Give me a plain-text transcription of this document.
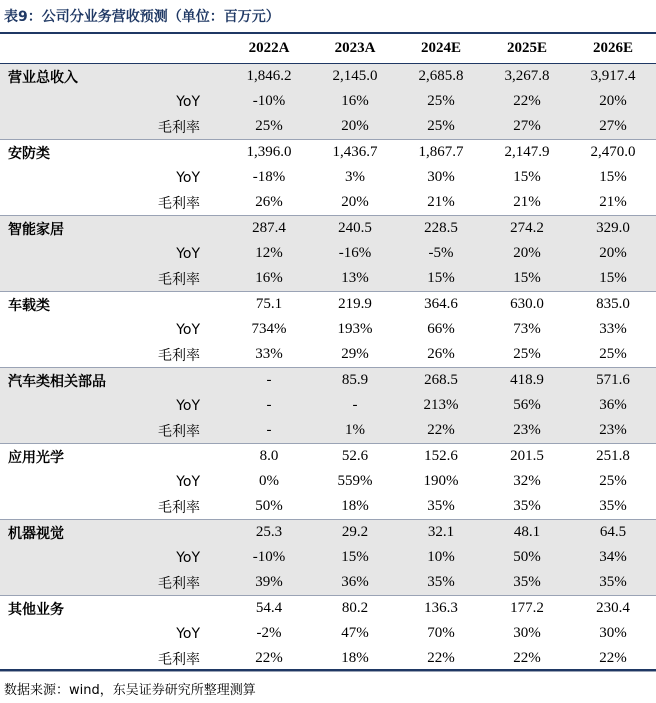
表9：公司分业务营收预测（单位：百万元）
	2022A	2023A	2024E	2025E	2026E
营业总收入	1,846.2	2,145.0	2,685.8	3,267.8	3,917.4
YoY	-10%	16%	25%	22%	20%
毛利率	25%	20%	25%	27%	27%
安防类	1,396.0	1,436.7	1,867.7	2,147.9	2,470.0
YoY	-18%	3%	30%	15%	15%
毛利率	26%	20%	21%	21%	21%
智能家居	287.4	240.5	228.5	274.2	329.0
YoY	12%	-16%	-5%	20%	20%
毛利率	16%	13%	15%	15%	15%
车载类	75.1	219.9	364.6	630.0	835.0
YoY	734%	193%	66%	73%	33%
毛利率	33%	29%	26%	25%	25%
汽车类相关部品	-	85.9	268.5	418.9	571.6
YoY	-	-	213%	56%	36%
毛利率	-	1%	22%	23%	23%
应用光学	8.0	52.6	152.6	201.5	251.8
YoY	0%	559%	190%	32%	25%
毛利率	50%	18%	35%	35%	35%
机器视觉	25.3	29.2	32.1	48.1	64.5
YoY	-10%	15%	10%	50%	34%
毛利率	39%	36%	35%	35%	35%
其他业务	54.4	80.2	136.3	177.2	230.4
YoY	-2%	47%	70%	30%	30%
毛利率	22%	18%	22%	22%	22%
数据来源：wind，东吴证券研究所整理测算
